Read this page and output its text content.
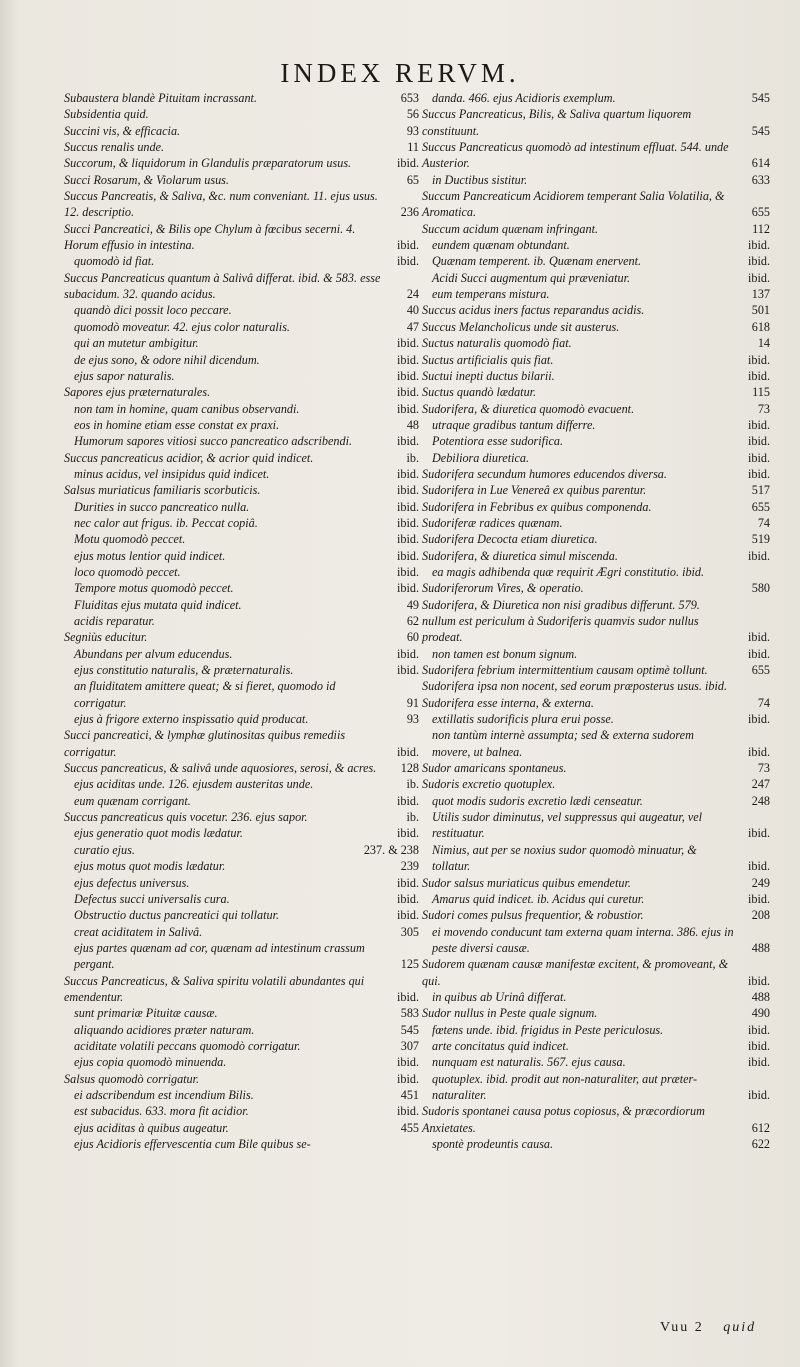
INDEX RERVM.
Subaustera blandè Pituitam incrassant.	653
Subsidentia quid.	56
Succini vis, & efficacia.	93
Succus renalis unde.	11
Succorum, & liquidorum in Glandulis præparatorum usus.	ibid.
Succi Rosarum, & Violarum usus.	65
Succus Pancreatis, & Saliva, &c. num conveniant. 11. ejus usus. 12. descriptio.	236
Succi Pancreatici, & Bilis ope Chylum à fœcibus secerni. 4. Horum effusio in intestina.	ibid.
quomodò id fiat.	ibid.
Succus Pancreaticus quantum à Salivâ differat. ibid. & 583. esse subacidum. 32. quando acidus.	24
quandò dici possit loco peccare.	40
quomodò moveatur. 42. ejus color naturalis.	47
qui an mutetur ambigitur.	ibid.
de ejus sono, & odore nihil dicendum.	ibid.
ejus sapor naturalis.	ibid.
Sapores ejus præternaturales.	ibid.
non tam in homine, quam canibus observandi.	ibid.
eos in homine etiam esse constat ex praxi.	48
Humorum sapores vitiosi succo pancreatico adscribendi.	ibid.
Succus pancreaticus acidior, & acrior quid indicet.	ib.
minus acidus, vel insipidus quid indicet.	ibid.
Salsus muriaticus familiaris scorbuticis.	ibid.
Durities in succo pancreatico nulla.	ibid.
nec calor aut frigus. ib. Peccat copiâ.	ibid.
Motu quomodò peccet.	ibid.
ejus motus lentior quid indicet.	ibid.
loco quomodò peccet.	ibid.
Tempore motus quomodò peccet.	ibid.
Fluiditas ejus mutata quid indicet.	49
acidis reparatur.	62
Segniùs educitur.	60
Abundans per alvum educendus.	ibid.
ejus constitutio naturalis, & præternaturalis.	ibid.
an fluiditatem amittere queat; & si fieret, quomodo id corrigatur.	91
ejus à frigore externo inspissatio quid producat.	93
Succi pancreatici, & lymphæ glutinositas quibus remediis corrigatur.	ibid.
Succus pancreaticus, & salivâ unde aquosiores, serosi, & acres. 128
ejus aciditas unde. 126. ejusdem austeritas unde.	ib.
eum quænam corrigant.	ibid.
Succus pancreaticus quis vocetur. 236. ejus sapor.	ib.
ejus generatio quot modis lædatur.	ibid.
curatio ejus.	237. & 238
ejus motus quot modis lædatur.	239
ejus defectus universus.	ibid.
Defectus succi universalis cura.	ibid.
Obstructio ductus pancreatici qui tollatur.	ibid.
creat aciditatem in Salivâ.	305
ejus partes quænam ad cor, quænam ad intestinum crassum pergant.	125
Succus Pancreaticus, & Saliva spiritu volatili abundantes qui emendentur.	ibid.
sunt primariæ Pituitæ causæ.	583
aliquando acidiores præter naturam.	545
aciditate volatili peccans quomodò corrigatur.	307
ejus copia quomodò minuenda.	ibid.
Salsus quomodò corrigatur.	ibid.
ei adscribendum est incendium Bilis.	451
est subacidus. 633. mora fit acidior.	ibid.
ejus aciditas à quibus augeatur.	455
ejus Acidioris effervescentia cum Bile quibus se-
danda. 466. ejus Acidioris exemplum.	545
Succus Pancreaticus, Bilis, & Saliva quartum liquorem constituunt.	545
Succus Pancreaticus quomodò ad intestinum effluat. 544. unde Austerior.	614
in Ductibus sistitur.	633
Succum Pancreaticum Acidiorem temperant Salia Volatilia, & Aromatica.	655
Succum acidum quænam infringant.	112
eundem quænam obtundant.	ibid.
Quænam temperent. ib. Quænam enervent.	ibid.
Acidi Succi augmentum qui præveniatur.	ibid.
eum temperans mistura.	137
Succus acidus iners factus reparandus acidis.	501
Succus Melancholicus unde sit austerus.	618
Suctus naturalis quomodò fiat.	14
Suctus artificialis quis fiat.	ibid.
Suctui inepti ductus bilarii.	ibid.
Suctus quandò lædatur.	115
Sudorifera, & diuretica quomodò evacuent.	73
utraque gradibus tantum differre.	ibid.
Potentiora esse sudorifica.	ibid.
Debiliora diuretica.	ibid.
Sudorifera secundum humores educendos diversa.	ibid.
Sudorifera in Lue Venereâ ex quibus parentur.	517
Sudorifera in Febribus ex quibus componenda.	655
Sudoriferæ radices quænam.	74
Sudorifera Decocta etiam diuretica.	519
Sudorifera, & diuretica simul miscenda.	ibid.
ea magis adhibenda quæ requirit Ægri constitutio. ibid.
Sudoriferorum Vires, & operatio.	580
Sudorifera, & Diuretica non nisi gradibus differunt. 579. nullum est periculum à Sudoriferis quamvis sudor nullus prodeat.	ibid.
non tamen est bonum signum.	ibid.
Sudorifera febrium intermittentium causam optimè tollunt.	655
Sudorifera ipsa non nocent, sed eorum præposterus usus. ibid.
Sudorifera esse interna, & externa.	74
extillatis sudorificis plura erui posse.	ibid.
non tantùm internè assumpta; sed & externa sudorem movere, ut balnea.	ibid.
Sudor amaricans spontaneus.	73
Sudoris excretio quotuplex.	247
quot modis sudoris excretio lædi censeatur.	248
Utilis sudor diminutus, vel suppressus qui augeatur, vel restituatur.	ibid.
Nimius, aut per se noxius sudor quomodò minuatur, & tollatur.	ibid.
Sudor salsus muriaticus quibus emendetur.	249
Amarus quid indicet. ib. Acidus qui curetur.	ibid.
Sudori comes pulsus frequentior, & robustior.	208
ei movendo conducunt tam externa quam interna. 386. ejus in peste diversi causæ.	488
Sudorem quænam causæ manifestæ excitent, & promoveant, & qui.	ibid.
in quibus ab Urinâ differat.	488
Sudor nullus in Peste quale signum.	490
fœtens unde. ibid. frigidus in Peste periculosus.	ibid.
arte concitatus quid indicet.	ibid.
nunquam est naturalis. 567. ejus causa.	ibid.
quotuplex. ibid. prodit aut non-naturaliter, aut præter-naturaliter.	ibid.
Sudoris spontanei causa potus copiosus, & præcordiorum Anxietates.	612
spontè prodeuntis causa.	622
Vuu 2 quid
